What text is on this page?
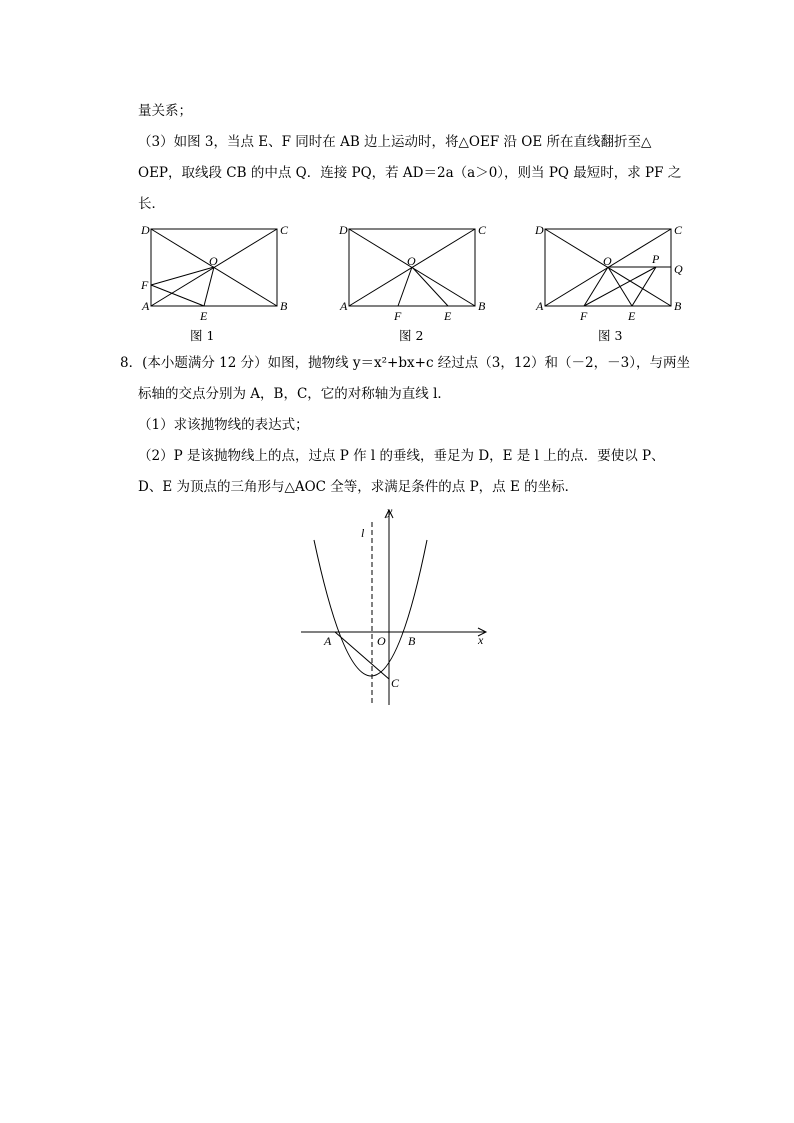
量关系；
（3）如图 3，当点 E、F 同时在 AB 边上运动时，将△OEF 沿 OE 所在直线翻折至△
OEP，取线段 CB 的中点 Q．连接 PQ，若 AD＝2a（a＞0），则当 PQ 最短时，求 PF 之
长．
D	C
O
F
A
E
B
图 1
D	C
O
A
F	E
B
图 2
D	C
O	P
Q
A
F	E
B
图 3
8．(本小题满分 12 分）如图，抛物线 y＝x²+bx+c 经过点（3，12）和（－2，－3），与两坐
标轴的交点分别为 A，B，C，它的对称轴为直线 l．
（1）求该抛物线的表达式；
（2）P 是该抛物线上的点，过点 P 作 l 的垂线，垂足为 D，E 是 l 上的点．要使以 P、
D、E 为顶点的三角形与△AOC 全等，求满足条件的点 P，点 E 的坐标．
y
l
x
A	O B
C
